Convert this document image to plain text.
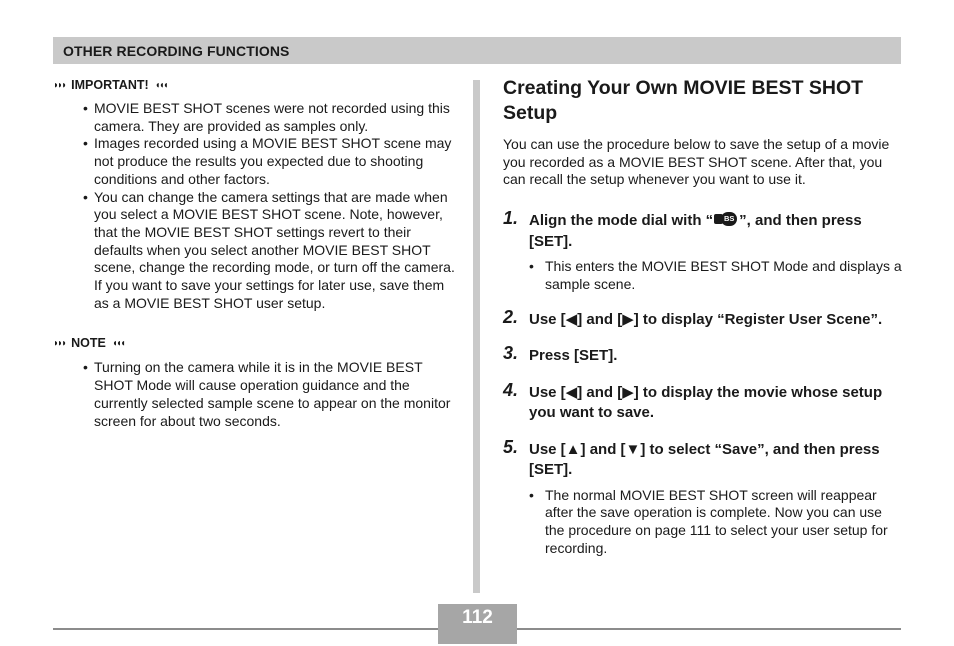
OTHER RECORDING FUNCTIONS
◗◗◗ IMPORTANT! ◖◖◖
• MOVIE BEST SHOT scenes were not recorded using this camera. They are provided as samples only.
• Images recorded using a MOVIE BEST SHOT scene may not produce the results you expected due to shooting conditions and other factors.
• You can change the camera settings that are made when you select a MOVIE BEST SHOT scene. Note, however, that the MOVIE BEST SHOT settings revert to their defaults when you select another MOVIE BEST SHOT scene, change the recording mode, or turn off the camera. If you want to save your settings for later use, save them as a MOVIE BEST SHOT user setup.
◗◗◗ NOTE ◖◖◖
• Turning on the camera while it is in the MOVIE BEST SHOT Mode will cause operation guidance and the currently selected sample scene to appear on the monitor screen for about two seconds.
Creating Your Own MOVIE BEST SHOT Setup

You can use the procedure below to save the setup of a movie you recorded as a MOVIE BEST SHOT scene. After that, you can recall the setup whenever you want to use it.

1. Align the mode dial with “	BS ”, and then press [SET].
• This enters the MOVIE BEST SHOT Mode and displays a sample scene.
2. Use [◀] and [▶] to display “Register User Scene”.
3. Press [SET].
4. Use [◀] and [▶] to display the movie whose setup you want to save.
5. Use [▲] and [▼] to select “Save”, and then press [SET].
• The normal MOVIE BEST SHOT screen will reappear after the save operation is complete. Now you can use the procedure on page 111 to select your user setup for recording.
112
